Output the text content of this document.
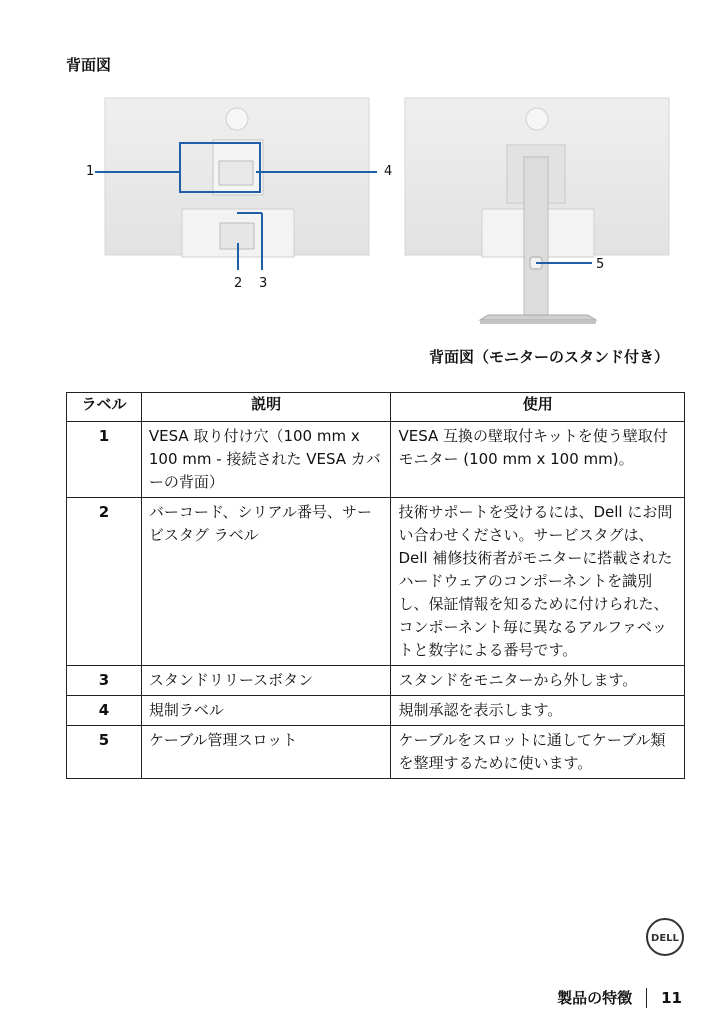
背面図
1	4
2 3
5
背面図（モニターのスタンド付き）
ラベル	説明	使用
1	VESA 取り付け穴（100 mm x 100 mm - 接続された VESA カバーの背面）	VESA 互換の壁取付キットを使う壁取付モニター (100 mm x 100 mm)。
2	バーコード、シリアル番号、サービスタグ ラベル	技術サポートを受けるには、Dell にお問い合わせください。サービスタグは、Dell 補修技術者がモニターに搭載されたハードウェアのコンポーネントを識別し、保証情報を知るために付けられた、コンポーネント毎に異なるアルファベットと数字による番号です。
3	スタンドリリースボタン	スタンドをモニターから外します。
4	規制ラベル	規制承認を表示します。
5	ケーブル管理スロット	ケーブルをスロットに通してケーブル類を整理するために使います。
DELL
製品の特徴 11
